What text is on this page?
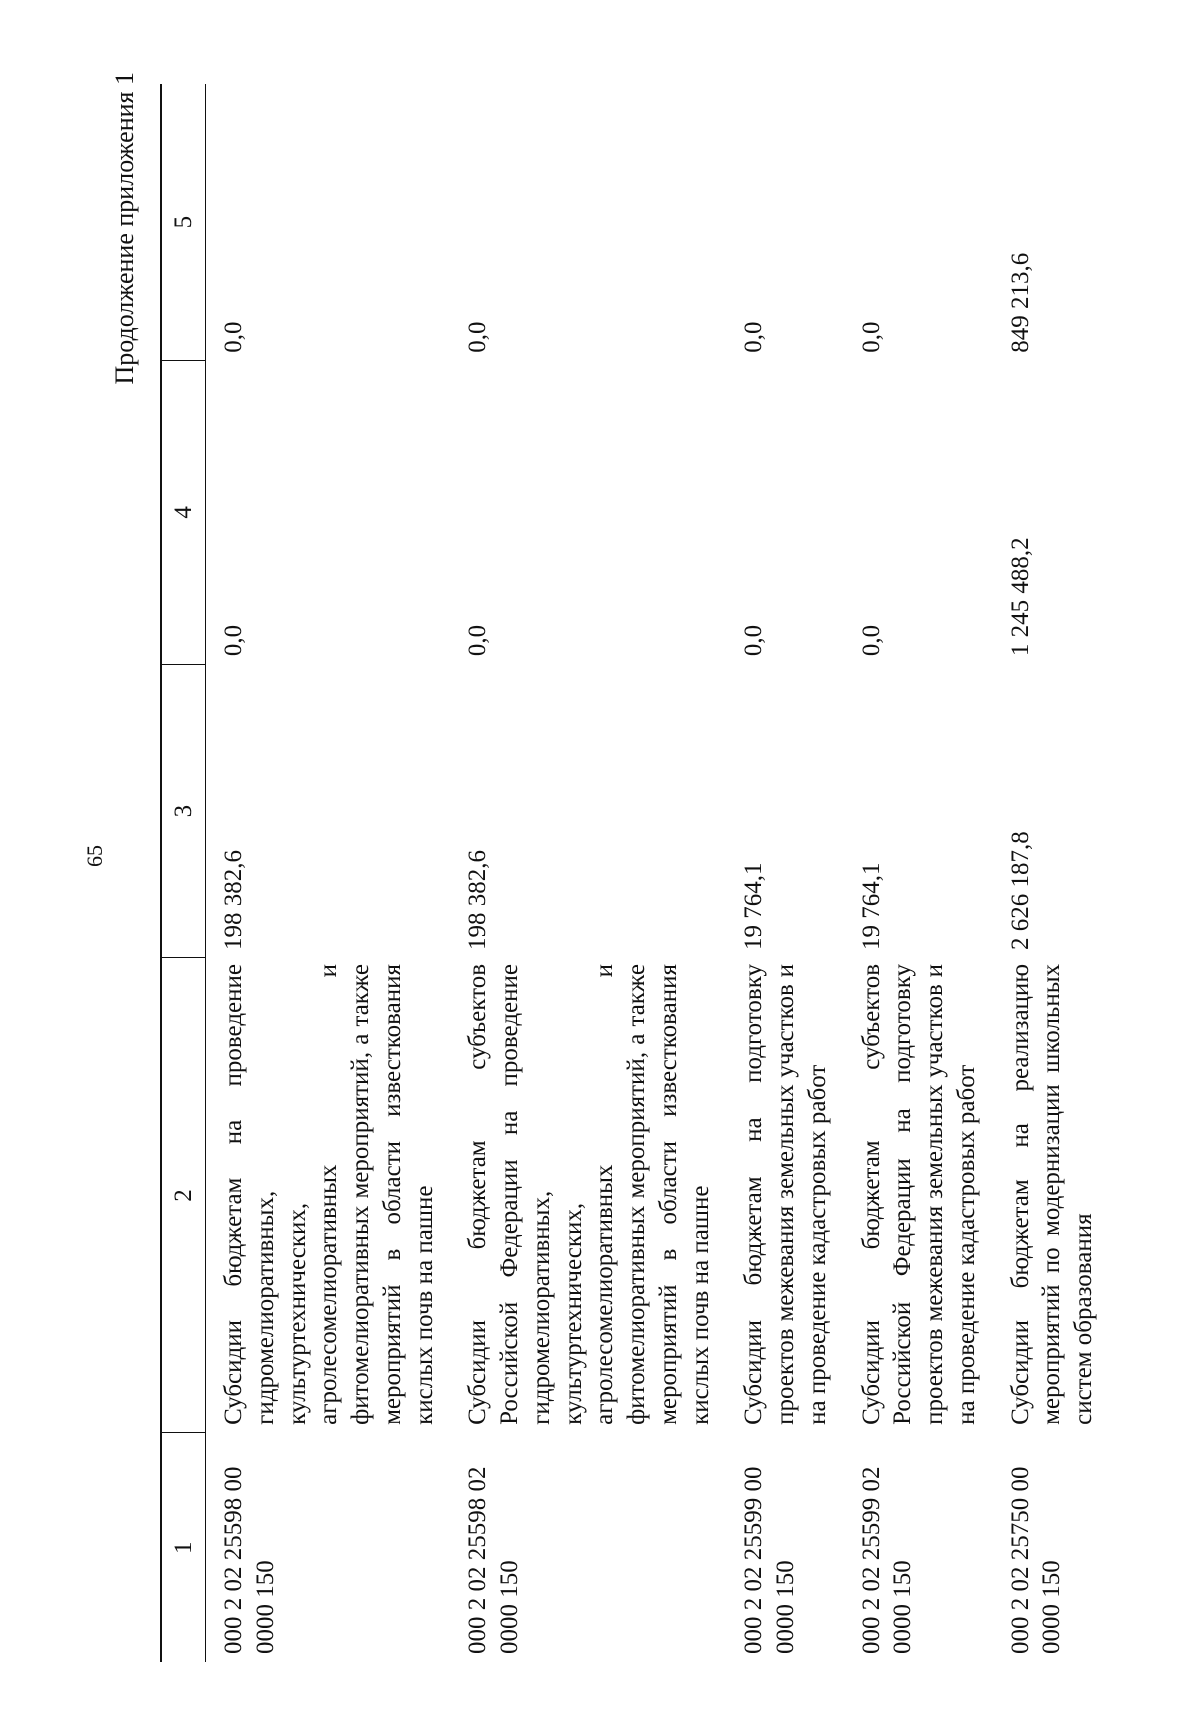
65
Продолжение приложения 1
1	2	3	4	5
000 2 02 25598 00 0000 150	Субсидии бюджетам на проведение гидромелиоративных, культуртехнических, агролесомелиоративных и фитомелиоративных мероприятий, а также мероприятий в области известкования кислых почв на пашне	198 382,6	0,0	0,0
000 2 02 25598 02 0000 150	Субсидии бюджетам субъектов Российской Федерации на проведение гидромелиоративных, культуртехнических, агролесомелиоративных и фитомелиоративных мероприятий, а также мероприятий в области известкования кислых почв на пашне	198 382,6	0,0	0,0
000 2 02 25599 00 0000 150	Субсидии бюджетам на подготовку проектов межевания земельных участков и на проведение кадастровых работ	19 764,1	0,0	0,0
000 2 02 25599 02 0000 150	Субсидии бюджетам субъектов Российской Федерации на подготовку проектов межевания земельных участков и на проведение кадастровых работ	19 764,1	0,0	0,0
000 2 02 25750 00 0000 150	Субсидии бюджетам на реализацию мероприятий по модернизации школьных систем образования	2 626 187,8	1 245 488,2	849 213,6
